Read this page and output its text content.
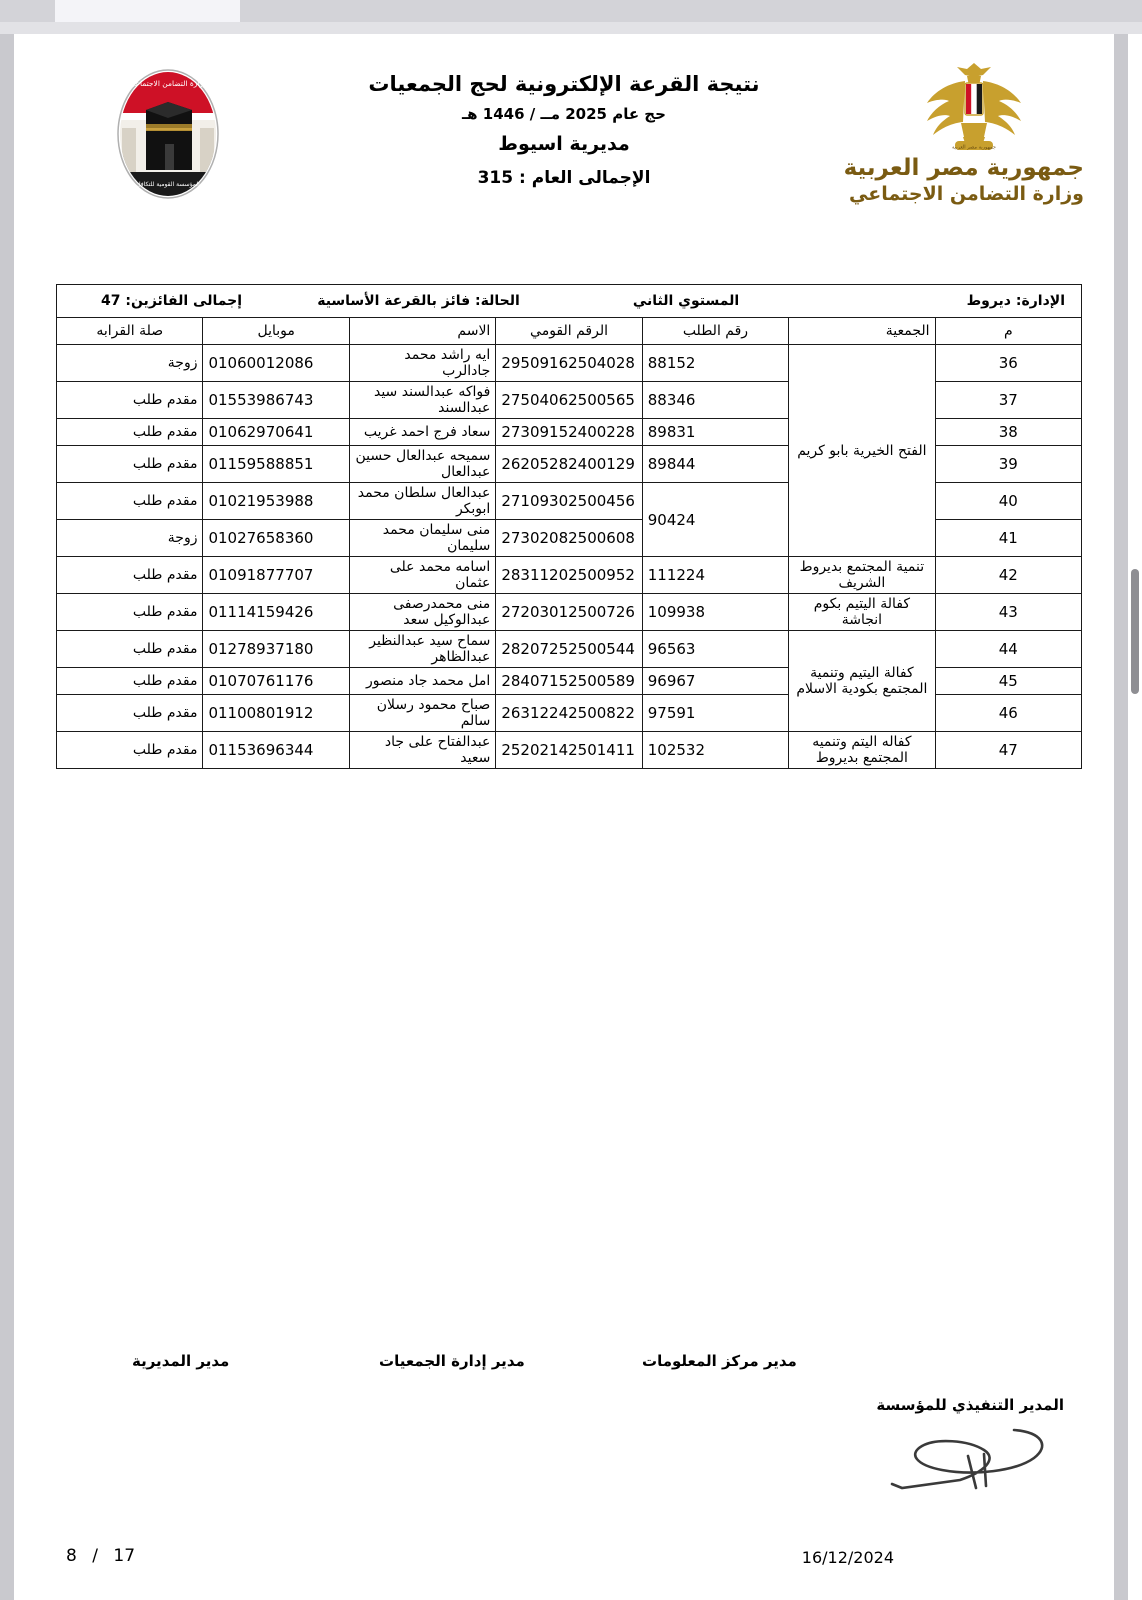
وزارة التضامن الاجتماعي
المؤسسة القومية للتكافل
نتيجة القرعة الإلكترونية لحج الجمعيات
حج عام 2025 مــ / 1446 هـ
مديرية اسيوط
الإجمالى العام : 315
جمهورية مصر العربية
جمهورية مصر العربية
وزارة التضامن الاجتماعي
الإدارة: ديروط
المستوي الثاني
الحالة: فائز بالقرعة الأساسية
إجمالى الفائزين: 47						

م	الجمعية	رقم الطلب	الرقم القومي	الاسم	موبايل	صلة القرابه
36	الفتح الخيرية بابو كريم	88152	29509162504028	ايه راشد محمد جادالرب	01060012086	زوجة
37		88346	27504062500565	فواكه عبدالسند سيد عبدالسند	01553986743	مقدم طلب
38		89831	27309152400228	سعاد فرج احمد غريب	01062970641	مقدم طلب
39		89844	26205282400129	سميحه عبدالعال حسين عبدالعال	01159588851	مقدم طلب
40		90424	27109302500456	عبدالعال سلطان محمد ابوبكر	01021953988	مقدم طلب
41			27302082500608	منى سليمان محمد سليمان	01027658360	زوجة
42	تنمية المجتمع بديروط الشريف	111224	28311202500952	اسامه محمد على عثمان	01091877707	مقدم طلب
43	كفالة اليتيم بكوم انجاشة	109938	27203012500726	منى محمدرصفى عبدالوكيل سعد	01114159426	مقدم طلب
44	كفالة اليتيم وتنمية المجتمع بكودية الاسلام	96563	28207252500544	سماح سيد عبدالنظير عبدالظاهر	01278937180	مقدم طلب
45		96967	28407152500589	امل محمد جاد منصور	01070761176	مقدم طلب
46		97591	26312242500822	صباح محمود رسلان سالم	01100801912	مقدم طلب
47	كفاله اليتم وتنميه المجتمع بديروط	102532	25202142501411	عبدالفتاح على جاد سعيد	01153696344	مقدم طلب
مدير المديرية	مدير إدارة الجمعيات	مدير مركز المعلومات
المدير التنفيذي للمؤسسة
8 / 17	16/12/2024
